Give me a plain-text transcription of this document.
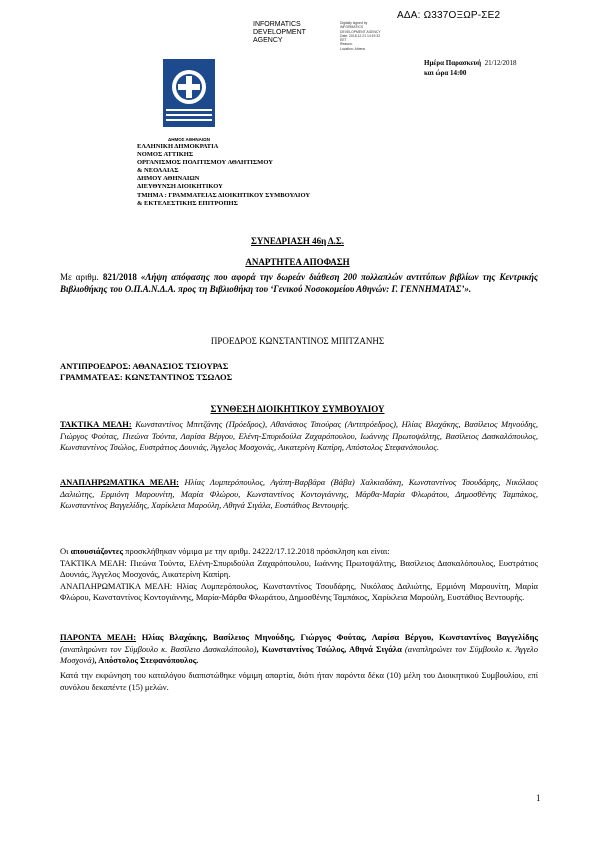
ΑΔΑ: Ω337ΟΞΩΡ-ΣΕ2
INFORMATICS
DEVELOPMENT
AGENCY
Digitally signed by
INFORMATICS
DEVELOPMENT AGENCY
Date: 2018.12.21 14:19:32
EET
Reason:
Location: Athens
Ημέρα Παρασκευή 21/12/2018
και ώρα 14:00
ΔΗΜΟΣ ΑΘΗΝΑΙΩΝ
ΕΛΛΗΝΙΚΗ ΔΗΜΟΚΡΑΤΙΑ
ΝΟΜΟΣ ΑΤΤΙΚΗΣ
ΟΡΓΑΝΙΣΜΟΣ ΠΟΛΙΤΙΣΜΟΥ ΑΘΛΗΤΙΣΜΟΥ
& ΝΕΟΛΑΙΑΣ
ΔΗΜΟΥ ΑΘΗΝΑΙΩΝ
ΔΙΕΥΘΥΝΣΗ ΔΙΟΙΚΗΤΙΚΟΥ
ΤΜΗΜΑ : ΓΡΑΜΜΑΤΕΙΑΣ ΔΙΟΙΚΗΤΙΚΟΥ ΣΥΜΒΟΥΛΙΟΥ
& ΕΚΤΕΛΕΣΤΙΚΗΣ ΕΠΙΤΡΟΠΗΣ
ΣΥΝΕΔΡΙΑΣΗ 46η Δ.Σ.
ΑΝΑΡΤΗΤΕΑ ΑΠΟΦΑΣΗ
Με αριθμ. 821/2018 «Λήψη απόφασης που αφορά την δωρεάν διάθεση 200 πολλαπλών αντιτύπων βιβλίων της Κεντρικής Βιβλιοθήκης του Ο.Π.Α.Ν.Δ.Α. προς τη Βιβλιοθήκη του ‘Γενικού Νοσοκομείου Αθηνών: Γ. ΓΕΝΝΗΜΑΤΑΣ’».
ΠΡΟΕΔΡΟΣ ΚΩΝΣΤΑΝΤΙΝΟΣ ΜΠΙΤΖΑΝΗΣ
ΑΝΤΙΠΡΟΕΔΡΟΣ: ΑΘΑΝΑΣΙΟΣ ΤΣΙΟΥΡΑΣ
ΓΡΑΜΜΑΤΕΑΣ: ΚΩΝΣΤΑΝΤΙΝΟΣ ΤΣΩΛΟΣ
ΣΥΝΘΕΣΗ ΔΙΟΙΚΗΤΙΚΟΥ ΣΥΜΒΟΥΛΙΟΥ
ΤΑΚΤΙΚΑ ΜΕΛΗ: Κωνσταντίνος Μπιτζάνης (Πρόεδρος), Αθανάσιος Τσιούρας (Αντιπρόεδρος), Ηλίας Βλαχάκης, Βασίλειος Μηνούδης, Γιώργος Φούτας, Πιεώνα Τούντα, Λαρίσα Βέργου, Ελένη-Σπυριδούλα Ζαχαρόπουλου, Ιωάννης Πρωτοψάλτης, Βασίλειος Δασκαλόπουλος, Κωνσταντίνος Τσώλος, Ευστράτιος Δουνιάς, Άγγελος Μοσχονάς, Αικατερίνη Καπίρη, Απόστολος Στεφανόπουλος.
ΑΝΑΠΛΗΡΩΜΑΤΙΚΑ ΜΕΛΗ: Ηλίας Λυμπερόπουλος, Αγάπη-Βαρβάρα (Βάβα) Χαλκιαδάκη, Κωνσταντίνος Τσουδάρης, Νικόλαος Δαλιώτης, Ερμιόνη Μαρουνίτη, Μαρία Φλώρου, Κωνσταντίνος Κοντογιάννης, Μάρθα-Μαρία Φλωράτου, Δημοσθένης Ταμπάκος, Κωνσταντίνος Βαγγελίδης, Χαρίκλεια Μαρούλη, Αθηνά Σιγάλα, Ευστάθιος Βεντουρής.
Οι απουσιάζοντες προσκλήθηκαν νόμιμα με την αριθμ. 24222/17.12.2018 πρόσκληση και είναι:
ΤΑΚΤΙΚΑ ΜΕΛΗ: Πιεώνα Τούντα, Ελένη-Σπυριδούλα Ζαχαρόπουλου, Ιωάννης Πρωτοψάλτης, Βασίλειος Δασκαλόπουλος, Ευστράτιος Δουνιάς, Άγγελος Μοσχονάς, Αικατερίνη Καπίρη.
ΑΝΑΠΛΗΡΩΜΑΤΙΚΑ ΜΕΛΗ: Ηλίας Λυμπερόπουλος, Κωνσταντίνος Τσουδάρης, Νικόλαος Δαλιώτης, Ερμιόνη Μαρουνίτη, Μαρία Φλώρου, Κωνσταντίνος Κοντογιάννης, Μαρία-Μάρθα Φλωράτου, Δημοσθένης Ταμπάκος, Χαρίκλεια Μαρούλη, Ευστάθιος Βεντουρής.
ΠΑΡΟΝΤΑ ΜΕΛΗ: Ηλίας Βλαχάκης, Βασίλειος Μηνούδης, Γιώργος Φούτας, Λαρίσα Βέργου, Κωνσταντίνος Βαγγελίδης (αναπληρώνει τον Σύμβουλο κ. Βασίλειο Δασκαλόπουλο), Κωνσταντίνος Τσώλος, Αθηνά Σιγάλα (αναπληρώνει τον Σύμβουλο κ. Άγγελο Μοσχονά), Απόστολος Στεφανόπουλος.
Κατά την εκφώνηση του καταλόγου διαπιστώθηκε νόμιμη απαρτία, διότι ήταν παρόντα δέκα (10) μέλη του Διοικητικού Συμβουλίου, επί συνόλου δεκαπέντε (15) μελών.
1
